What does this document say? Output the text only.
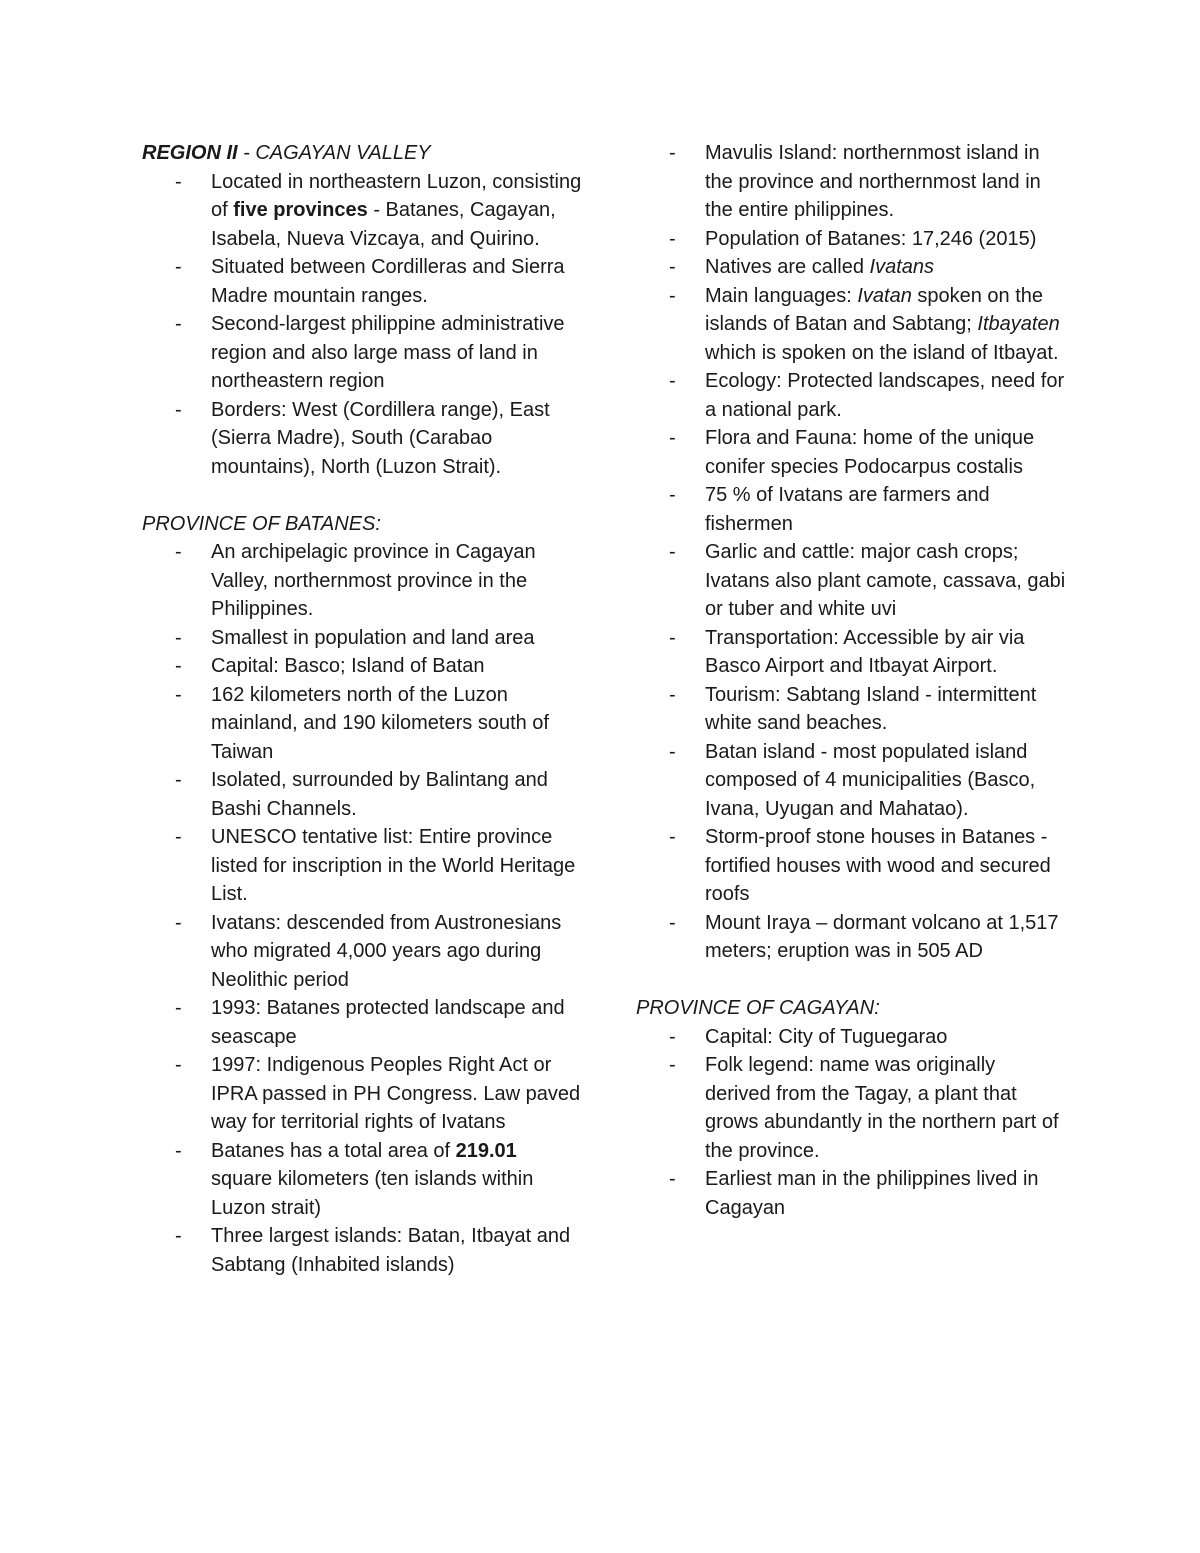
REGION II - CAGAYAN VALLEY

- Located in northeastern Luzon, consisting of five provinces - Batanes, Cagayan, Isabela, Nueva Vizcaya, and Quirino.
- Situated between Cordilleras and Sierra Madre mountain ranges.
- Second-largest philippine administrative region and also large mass of land in northeastern region
- Borders: West (Cordillera range), East (Sierra Madre), South (Carabao mountains), North (Luzon Strait).

PROVINCE OF BATANES:

- An archipelagic province in Cagayan Valley, northernmost province in the Philippines.
- Smallest in population and land area
- Capital: Basco; Island of Batan
- 162 kilometers north of the Luzon mainland, and 190 kilometers south of Taiwan
- Isolated, surrounded by Balintang and Bashi Channels.
- UNESCO tentative list: Entire province listed for inscription in the World Heritage List.
- Ivatans: descended from Austronesians who migrated 4,000 years ago during Neolithic period
- 1993: Batanes protected landscape and seascape
- 1997: Indigenous Peoples Right Act or IPRA passed in PH Congress. Law paved way for territorial rights of Ivatans
- Batanes has a total area of 219.01 square kilometers (ten islands within Luzon strait)
- Three largest islands: Batan, Itbayat and Sabtang (Inhabited islands)
- Mavulis Island: northernmost island in the province and northernmost land in the entire philippines.
- Population of Batanes: 17,246 (2015)
- Natives are called Ivatans
- Main languages: Ivatan spoken on the islands of Batan and Sabtang; Itbayaten which is spoken on the island of Itbayat.
- Ecology: Protected landscapes, need for a national park.
- Flora and Fauna: home of the unique conifer species Podocarpus costalis
- 75 % of Ivatans are farmers and fishermen
- Garlic and cattle: major cash crops; Ivatans also plant camote, cassava, gabi or tuber and white uvi
- Transportation: Accessible by air via Basco Airport and Itbayat Airport.
- Tourism: Sabtang Island - intermittent white sand beaches.
- Batan island - most populated island composed of 4 municipalities (Basco, Ivana, Uyugan and Mahatao).
- Storm-proof stone houses in Batanes - fortified houses with wood and secured roofs
- Mount Iraya – dormant volcano at 1,517 meters; eruption was in 505 AD

PROVINCE OF CAGAYAN:

- Capital: City of Tuguegarao
- Folk legend: name was originally derived from the Tagay, a plant that grows abundantly in the northern part of the province.
- Earliest man in the philippines lived in Cagayan
